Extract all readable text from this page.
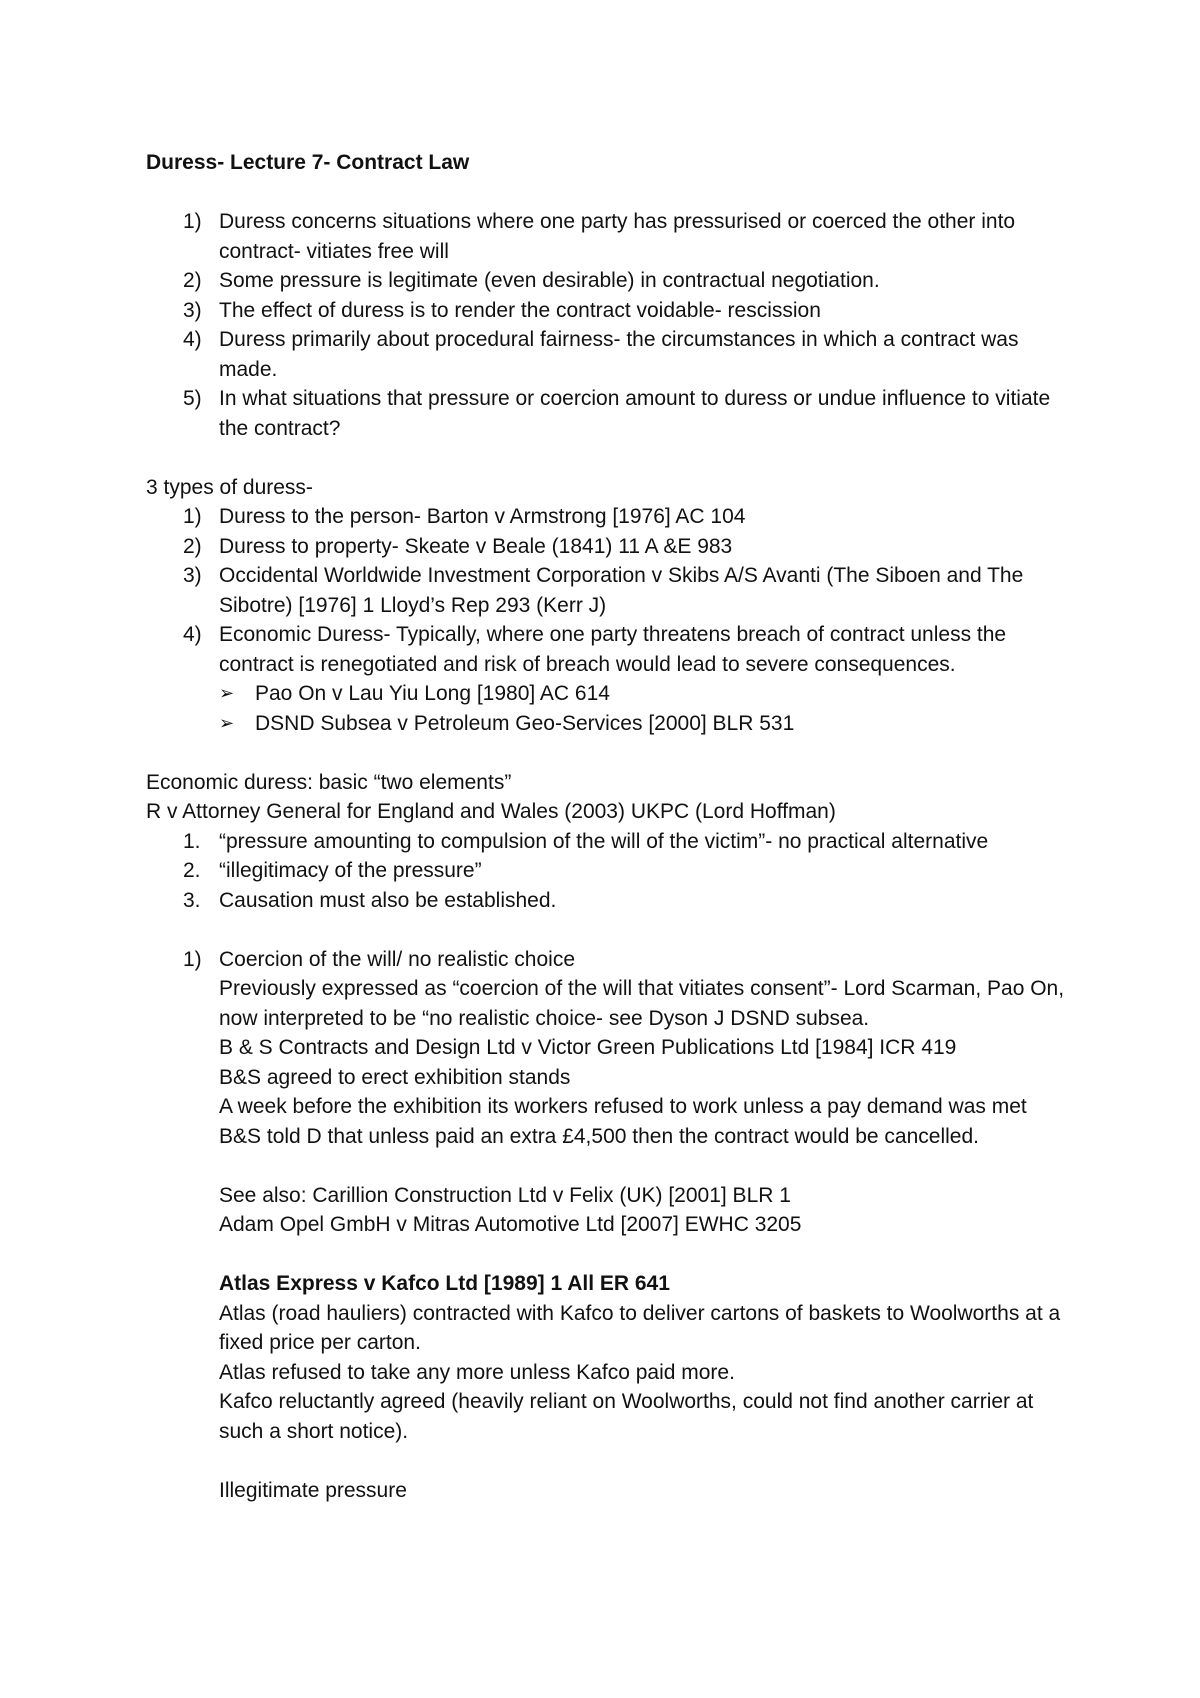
Duress- Lecture 7- Contract Law

1) Duress concerns situations where one party has pressurised or coerced the other into contract- vitiates free will
2) Some pressure is legitimate (even desirable) in contractual negotiation.
3) The effect of duress is to render the contract voidable- rescission
4) Duress primarily about procedural fairness- the circumstances in which a contract was made.
5) In what situations that pressure or coercion amount to duress or undue influence to vitiate the contract?

3 types of duress-

1) Duress to the person- Barton v Armstrong [1976] AC 104
2) Duress to property- Skeate v Beale (1841) 11 A &E 983
3) Occidental Worldwide Investment Corporation v Skibs A/S Avanti (The Siboen and The Sibotre) [1976] 1 Lloyd’s Rep 293 (Kerr J)
4) Economic Duress- Typically, where one party threatens breach of contract unless the contract is renegotiated and risk of breach would lead to severe consequences.
➢ Pao On v Lau Yiu Long [1980] AC 614
➢ DSND Subsea v Petroleum Geo-Services [2000] BLR 531

Economic duress: basic “two elements”

R v Attorney General for England and Wales (2003) UKPC (Lord Hoffman)

1. “pressure amounting to compulsion of the will of the victim”- no practical alternative
2. “illegitimacy of the pressure”
3. Causation must also be established.
1) Coercion of the will/ no realistic choice

Previously expressed as “coercion of the will that vitiates consent”- Lord Scarman, Pao On, now interpreted to be “no realistic choice- see Dyson J DSND subsea.

B & S Contracts and Design Ltd v Victor Green Publications Ltd [1984] ICR 419

B&S agreed to erect exhibition stands

A week before the exhibition its workers refused to work unless a pay demand was met

B&S told D that unless paid an extra £4,500 then the contract would be cancelled.

See also: Carillion Construction Ltd v Felix (UK) [2001] BLR 1

Adam Opel GmbH v Mitras Automotive Ltd [2007] EWHC 3205

Atlas Express v Kafco Ltd [1989] 1 All ER 641

Atlas (road hauliers) contracted with Kafco to deliver cartons of baskets to Woolworths at a fixed price per carton.

Atlas refused to take any more unless Kafco paid more.

Kafco reluctantly agreed (heavily reliant on Woolworths, could not find another carrier at such a short notice).

Illegitimate pressure
